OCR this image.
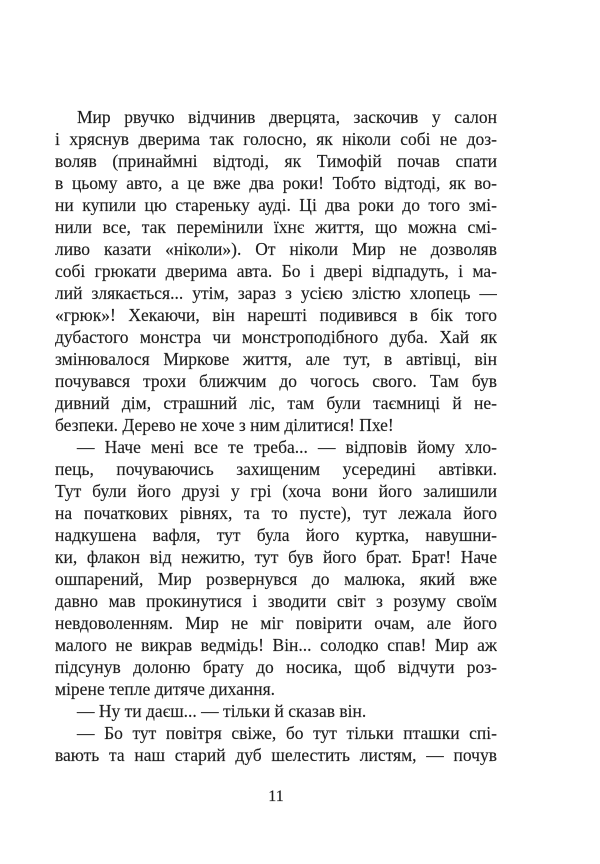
Мир рвучко відчинив дверцята, заскочив у салон
і хряснув дверима так голосно, як ніколи собі не доз-
воляв (принаймні відтоді, як Тимофій почав спати
в цьому авто, а це вже два роки! Тобто відтоді, як во-
ни купили цю стареньку ауді. Ці два роки до того змі-
нили все, так перемінили їхнє життя, що можна смі-
ливо казати «ніколи»). От ніколи Мир не дозволяв
собі грюкати дверима авта. Бо і двері відпадуть, і ма-
лий злякається... утім, зараз з усією злістю хлопець —
«грюк»! Хекаючи, він нарешті подивився в бік того
дубастого монстра чи монстроподібного дуба. Хай як
змінювалося Миркове життя, але тут, в автівці, він
почувався трохи ближчим до чогось свого. Там був
дивний дім, страшний ліс, там були таємниці й не-
безпеки. Дерево не хоче з ним ділитися! Пхе!
— Наче мені все те треба... — відповів йому хло-
пець, почуваючись захищеним усередині автівки.
Тут були його друзі у грі (хоча вони його залишили
на початкових рівнях, та то пусте), тут лежала його
надкушена вафля, тут була його куртка, навушни-
ки, флакон від нежитю, тут був його брат. Брат! Наче
ошпарений, Мир розвернувся до малюка, який вже
давно мав прокинутися і зводити світ з розуму своїм
невдоволенням. Мир не міг повірити очам, але його
малого не викрав ведмідь! Він... солодко спав! Мир аж
підсунув долоню брату до носика, щоб відчути роз-
мірене тепле дитяче дихання.
— Ну ти даєш... — тільки й сказав він.
— Бо тут повітря свіже, бо тут тільки пташки спі-
вають та наш старий дуб шелестить листям, — почув
11
